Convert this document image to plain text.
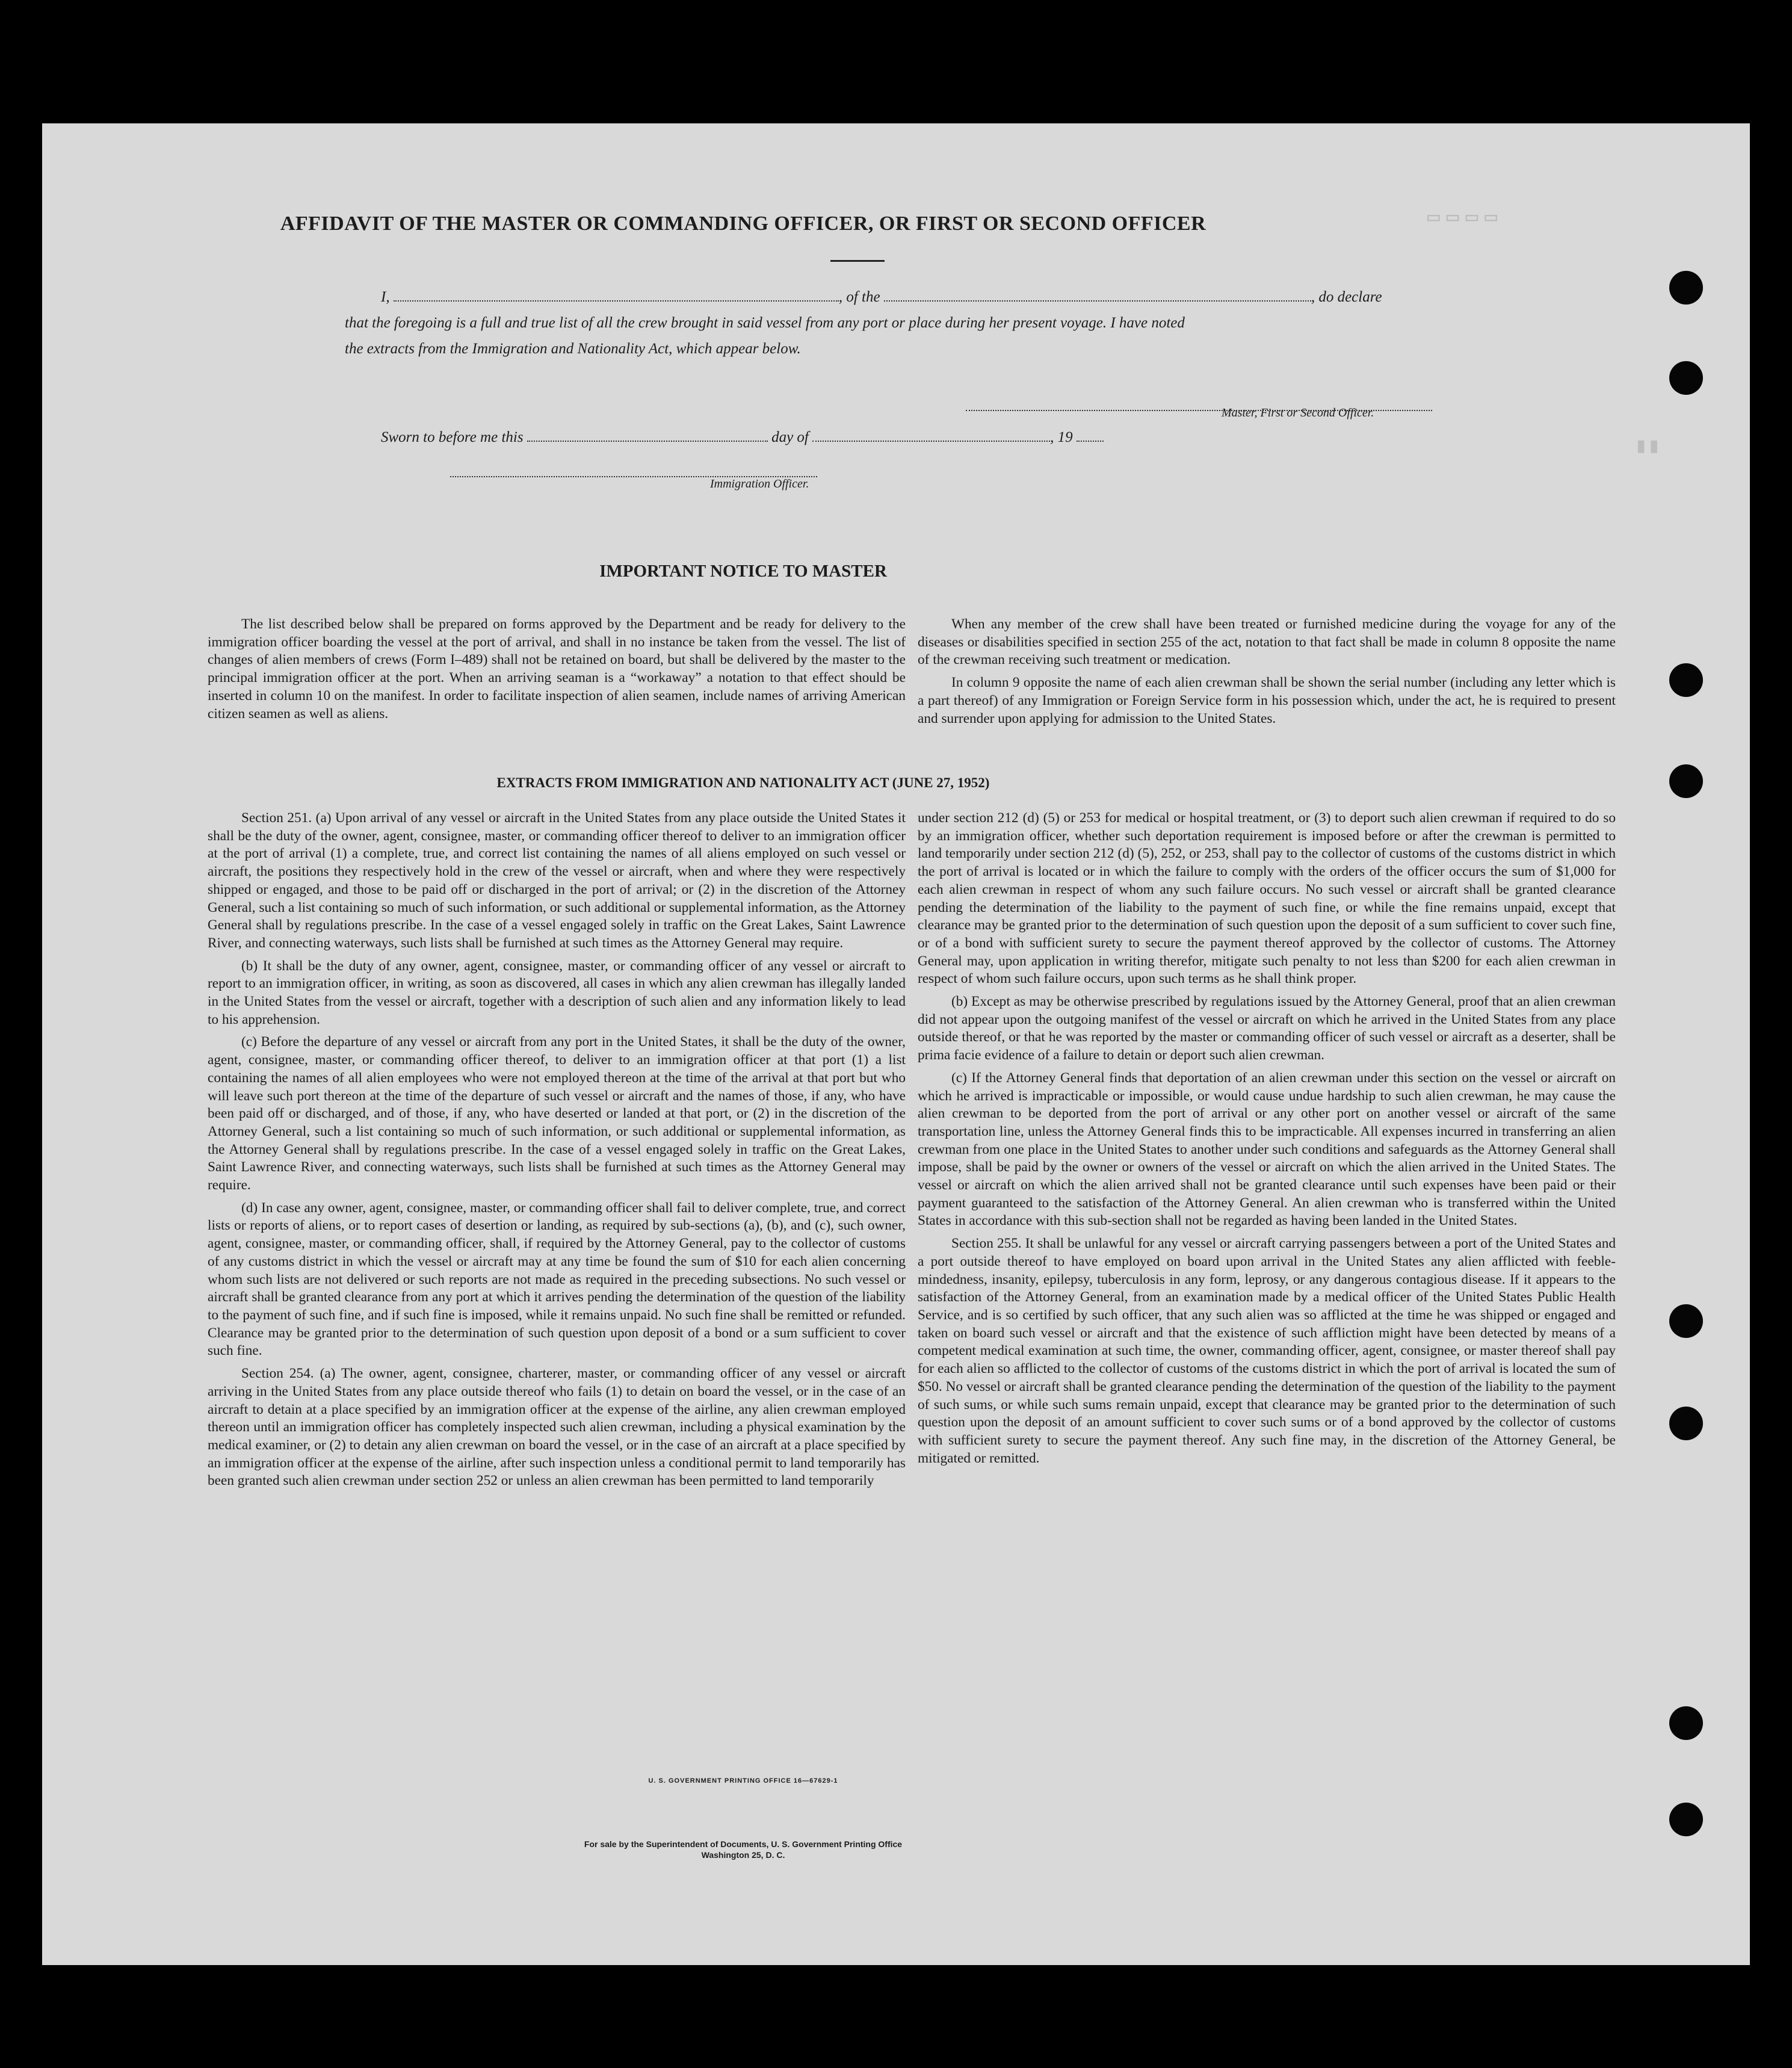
▭ ▭ ▭ ▭
▮ ▮
AFFIDAVIT OF THE MASTER OR COMMANDING OFFICER, OR FIRST OR SECOND OFFICER
I,	, of the	, do declare
that the foregoing is a full and true list of all the crew brought in said vessel from any port or place during her present voyage. I have noted
the extracts from the Immigration and Nationality Act, which appear below.
Master, First or Second Officer.
Sworn to before me this	day of	, 19
Immigration Officer.
IMPORTANT NOTICE TO MASTER

The list described below shall be prepared on forms approved by the Department and be ready for delivery to the immigration officer boarding the vessel at the port of arrival, and shall in no instance be taken from the vessel. The list of changes of alien members of crews (Form I–489) shall not be retained on board, but shall be delivered by the master to the principal immigration officer at the port. When an arriving seaman is a “workaway” a notation to that effect should be inserted in column 10 on the manifest. In order to facilitate inspection of alien seamen, include names of arriving American citizen seamen as well as aliens.

When any member of the crew shall have been treated or furnished medicine during the voyage for any of the diseases or disabilities specified in section 255 of the act, notation to that fact shall be made in column 8 opposite the name of the crewman receiving such treatment or medication.

In column 9 opposite the name of each alien crewman shall be shown the serial number (including any letter which is a part thereof) of any Immigration or Foreign Service form in his possession which, under the act, he is required to present and surrender upon applying for admission to the United States.

EXTRACTS FROM IMMIGRATION AND NATIONALITY ACT (JUNE 27, 1952)

Section 251. (a) Upon arrival of any vessel or aircraft in the United States from any place outside the United States it shall be the duty of the owner, agent, consignee, master, or commanding officer thereof to deliver to an immigration officer at the port of arrival (1) a complete, true, and correct list containing the names of all aliens employed on such vessel or aircraft, the positions they respectively hold in the crew of the vessel or aircraft, when and where they were respectively shipped or engaged, and those to be paid off or discharged in the port of arrival; or (2) in the discretion of the Attorney General, such a list containing so much of such information, or such additional or supplemental information, as the Attorney General shall by regulations prescribe. In the case of a vessel engaged solely in traffic on the Great Lakes, Saint Lawrence River, and connecting waterways, such lists shall be furnished at such times as the Attorney General may require.

(b) It shall be the duty of any owner, agent, consignee, master, or commanding officer of any vessel or aircraft to report to an immigration officer, in writing, as soon as discovered, all cases in which any alien crewman has illegally landed in the United States from the vessel or aircraft, together with a description of such alien and any information likely to lead to his apprehension.

(c) Before the departure of any vessel or aircraft from any port in the United States, it shall be the duty of the owner, agent, consignee, master, or commanding officer thereof, to deliver to an immigration officer at that port (1) a list containing the names of all alien employees who were not employed thereon at the time of the arrival at that port but who will leave such port thereon at the time of the departure of such vessel or aircraft and the names of those, if any, who have been paid off or discharged, and of those, if any, who have deserted or landed at that port, or (2) in the discretion of the Attorney General, such a list containing so much of such information, or such additional or supplemental information, as the Attorney General shall by regulations prescribe. In the case of a vessel engaged solely in traffic on the Great Lakes, Saint Lawrence River, and connecting waterways, such lists shall be furnished at such times as the Attorney General may require.

(d) In case any owner, agent, consignee, master, or commanding officer shall fail to deliver complete, true, and correct lists or reports of aliens, or to report cases of desertion or landing, as required by sub-sections (a), (b), and (c), such owner, agent, consignee, master, or commanding officer, shall, if required by the Attorney General, pay to the collector of customs of any customs district in which the vessel or aircraft may at any time be found the sum of $10 for each alien concerning whom such lists are not delivered or such reports are not made as required in the preceding subsections. No such vessel or aircraft shall be granted clearance from any port at which it arrives pending the determination of the question of the liability to the payment of such fine, and if such fine is imposed, while it remains unpaid. No such fine shall be remitted or refunded. Clearance may be granted prior to the determination of such question upon deposit of a bond or a sum sufficient to cover such fine.

Section 254. (a) The owner, agent, consignee, charterer, master, or commanding officer of any vessel or aircraft arriving in the United States from any place outside thereof who fails (1) to detain on board the vessel, or in the case of an aircraft to detain at a place specified by an immigration officer at the expense of the airline, any alien crewman employed thereon until an immigration officer has completely inspected such alien crewman, including a physical examination by the medical examiner, or (2) to detain any alien crewman on board the vessel, or in the case of an aircraft at a place specified by an immigration officer at the expense of the airline, after such inspection unless a conditional permit to land temporarily has been granted such alien crewman under section 252 or unless an alien crewman has been permitted to land temporarily

under section 212 (d) (5) or 253 for medical or hospital treatment, or (3) to deport such alien crewman if required to do so by an immigration officer, whether such deportation requirement is imposed before or after the crewman is permitted to land temporarily under section 212 (d) (5), 252, or 253, shall pay to the collector of customs of the customs district in which the port of arrival is located or in which the failure to comply with the orders of the officer occurs the sum of $1,000 for each alien crewman in respect of whom any such failure occurs. No such vessel or aircraft shall be granted clearance pending the determination of the liability to the payment of such fine, or while the fine remains unpaid, except that clearance may be granted prior to the determination of such question upon the deposit of a sum sufficient to cover such fine, or of a bond with sufficient surety to secure the payment thereof approved by the collector of customs. The Attorney General may, upon application in writing therefor, mitigate such penalty to not less than $200 for each alien crewman in respect of whom such failure occurs, upon such terms as he shall think proper.

(b) Except as may be otherwise prescribed by regulations issued by the Attorney General, proof that an alien crewman did not appear upon the outgoing manifest of the vessel or aircraft on which he arrived in the United States from any place outside thereof, or that he was reported by the master or commanding officer of such vessel or aircraft as a deserter, shall be prima facie evidence of a failure to detain or deport such alien crewman.

(c) If the Attorney General finds that deportation of an alien crewman under this section on the vessel or aircraft on which he arrived is impracticable or impossible, or would cause undue hardship to such alien crewman, he may cause the alien crewman to be deported from the port of arrival or any other port on another vessel or aircraft of the same transportation line, unless the Attorney General finds this to be impracticable. All expenses incurred in transferring an alien crewman from one place in the United States to another under such conditions and safeguards as the Attorney General shall impose, shall be paid by the owner or owners of the vessel or aircraft on which the alien arrived in the United States. The vessel or aircraft on which the alien arrived shall not be granted clearance until such expenses have been paid or their payment guaranteed to the satisfaction of the Attorney General. An alien crewman who is transferred within the United States in accordance with this sub-section shall not be regarded as having been landed in the United States.

Section 255. It shall be unlawful for any vessel or aircraft carrying passengers between a port of the United States and a port outside thereof to have employed on board upon arrival in the United States any alien afflicted with feeble-mindedness, insanity, epilepsy, tuberculosis in any form, leprosy, or any dangerous contagious disease. If it appears to the satisfaction of the Attorney General, from an examination made by a medical officer of the United States Public Health Service, and is so certified by such officer, that any such alien was so afflicted at the time he was shipped or engaged and taken on board such vessel or aircraft and that the existence of such affliction might have been detected by means of a competent medical examination at such time, the owner, commanding officer, agent, consignee, or master thereof shall pay for each alien so afflicted to the collector of customs of the customs district in which the port of arrival is located the sum of $50. No vessel or aircraft shall be granted clearance pending the determination of the question of the liability to the payment of such sums, or while such sums remain unpaid, except that clearance may be granted prior to the determination of such question upon the deposit of an amount sufficient to cover such sums or of a bond approved by the collector of customs with sufficient surety to secure the payment thereof. Any such fine may, in the discretion of the Attorney General, be mitigated or remitted.

U. S. GOVERNMENT PRINTING OFFICE 16—67629-1
For sale by the Superintendent of Documents, U. S. Government Printing Office
Washington 25, D. C.
